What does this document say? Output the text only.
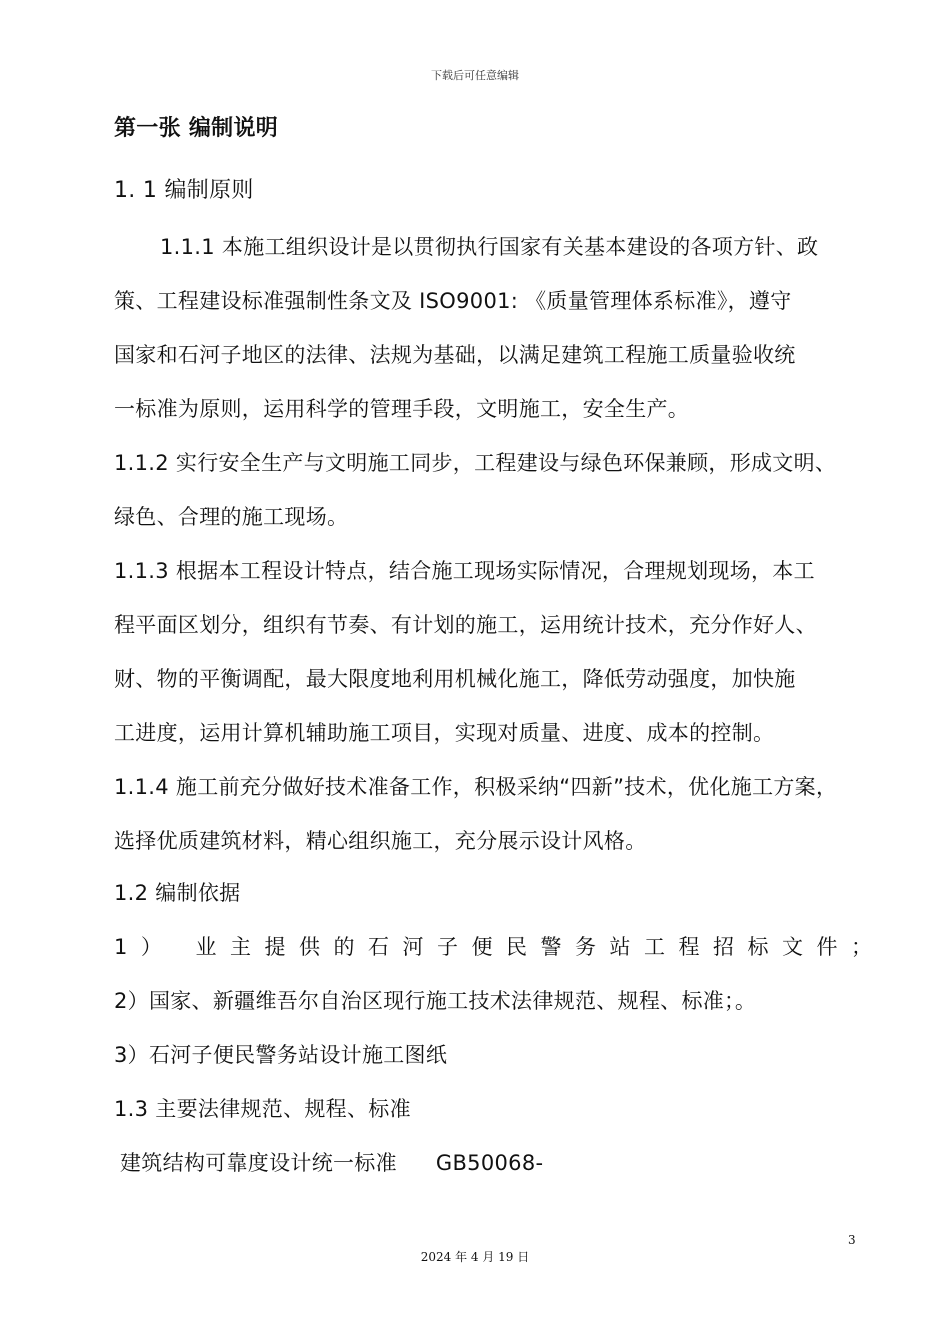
下载后可任意编辑
第一张 编制说明
1. 1 编制原则
1.1.1 本施工组织设计是以贯彻执行国家有关基本建设的各项方针、政
策、工程建设标准强制性条文及 ISO9001: 《质量管理体系标准》，遵守
国家和石河子地区的法律、法规为基础，以满足建筑工程施工质量验收统
一标准为原则，运用科学的管理手段，文明施工，安全生产。
1.1.2 实行安全生产与文明施工同步，工程建设与绿色环保兼顾，形成文明、
绿色、合理的施工现场。
1.1.3 根据本工程设计特点，结合施工现场实际情况，合理规划现场，本工
程平面区划分，组织有节奏、有计划的施工，运用统计技术，充分作好人、
财、物的平衡调配，最大限度地利用机械化施工，降低劳动强度，加快施
工进度，运用计算机辅助施工项目，实现对质量、进度、成本的控制。
1.1.4 施工前充分做好技术准备工作，积极采纳“四新”技术，优化施工方案，
选择优质建筑材料，精心组织施工，充分展示设计风格。
1.2 编制依据
1） 业主提供的石河子便民警务站工程招标文件；
2）国家、新疆维吾尔自治区现行施工技术法律规范、规程、标准；。
3）石河子便民警务站设计施工图纸
1.3 主要法律规范、规程、标准
建筑结构可靠度设计统一标准 GB50068-
3
2024 年 4 月 19 日
